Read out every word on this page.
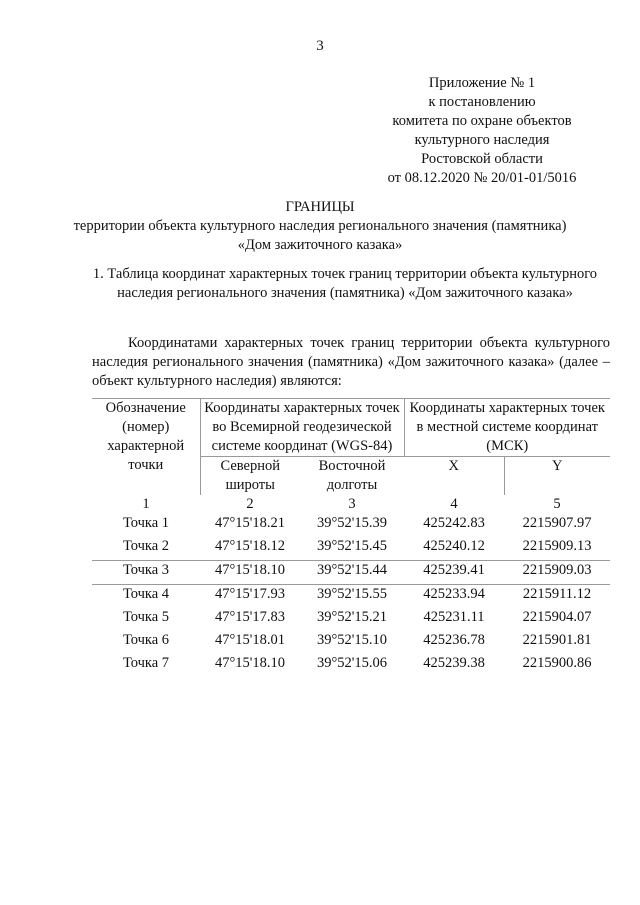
3
Приложение № 1
к постановлению
комитета по охране объектов
культурного наследия
Ростовской области
от 08.12.2020 № 20/01-01/5016
ГРАНИЦЫ
территории объекта культурного наследия регионального значения (памятника)
«Дом зажиточного казака»
1. Таблица координат характерных точек границ территории объекта культурного наследия регионального значения (памятника) «Дом зажиточного казака»
Координатами характерных точек границ территории объекта культурного наследия регионального значения (памятника) «Дом зажиточного казака» (далее – объект культурного наследия) являются:
Обозначение (номер) характерной точки	Координаты характерных точек во Всемирной геодезической системе координат (WGS-84)		Координаты характерных точек в местной системе координат (МСК)	
	Северной широты	Восточной долготы	X	Y
1	2	3	4	5
Точка 1	47°15'18.21	39°52'15.39	425242.83	2215907.97
Точка 2	47°15'18.12	39°52'15.45	425240.12	2215909.13
Точка 3	47°15'18.10	39°52'15.44	425239.41	2215909.03
Точка 4	47°15'17.93	39°52'15.55	425233.94	2215911.12
Точка 5	47°15'17.83	39°52'15.21	425231.11	2215904.07
Точка 6	47°15'18.01	39°52'15.10	425236.78	2215901.81
Точка 7	47°15'18.10	39°52'15.06	425239.38	2215900.86
